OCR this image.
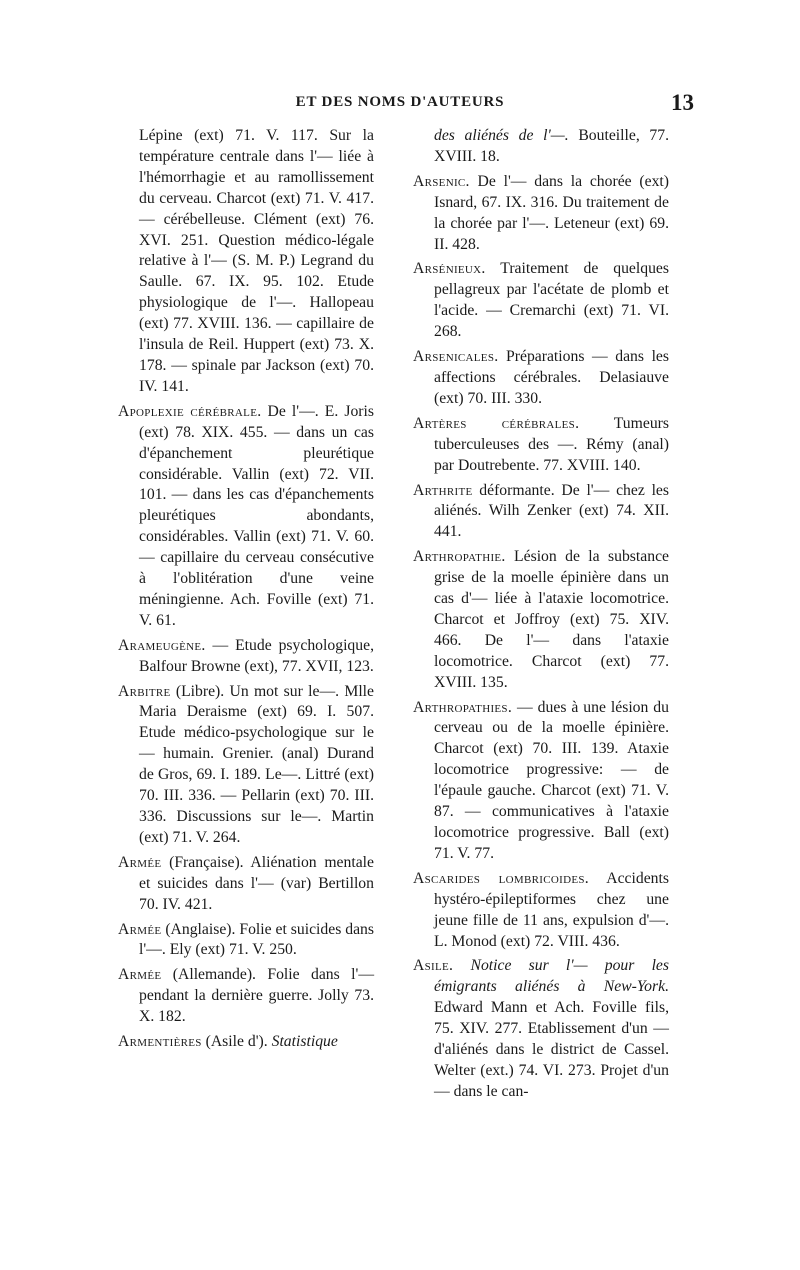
ET DES NOMS D'AUTEURS	13

Lépine (ext) 71. V. 117. Sur la température centrale dans l'— liée à l'hémorrhagie et au ramollissement du cerveau. Charcot (ext) 71. V. 417. — cérébelleuse. Clément (ext) 76. XVI. 251. Question médico-légale relative à l'— (S. M. P.) Legrand du Saulle. 67. IX. 95. 102. Etude physiologique de l'—. Hallopeau (ext) 77. XVIII. 136. — capillaire de l'insula de Reil. Huppert (ext) 73. X. 178. — spinale par Jackson (ext) 70. IV. 141.

Apoplexie cérébrale. De l'—. E. Joris (ext) 78. XIX. 455. — dans un cas d'épanchement pleurétique considérable. Vallin (ext) 72. VII. 101. — dans les cas d'épanchements pleurétiques abondants, considérables. Vallin (ext) 71. V. 60. — capillaire du cerveau consécutive à l'oblitération d'une veine méningienne. Ach. Foville (ext) 71. V. 61.

Arameugène. — Etude psychologique, Balfour Browne (ext), 77. XVII, 123.

Arbitre (Libre). Un mot sur le—. Mlle Maria Deraisme (ext) 69. I. 507. Etude médico-psychologique sur le — humain. Grenier. (anal) Durand de Gros, 69. I. 189. Le—. Littré (ext) 70. III. 336. — Pellarin (ext) 70. III. 336. Discussions sur le—. Martin (ext) 71. V. 264.

Armée (Française). Aliénation mentale et suicides dans l'— (var) Bertillon 70. IV. 421.

Armée (Anglaise). Folie et suicides dans l'—. Ely (ext) 71. V. 250.

Armée (Allemande). Folie dans l'— pendant la dernière guerre. Jolly 73. X. 182.

Armentières (Asile d'). Statistique

des aliénés de l'—. Bouteille, 77. XVIII. 18.

Arsenic. De l'— dans la chorée (ext) Isnard, 67. IX. 316. Du traitement de la chorée par l'—. Leteneur (ext) 69. II. 428.

Arsénieux. Traitement de quelques pellagreux par l'acétate de plomb et l'acide. — Cremarchi (ext) 71. VI. 268.

Arsenicales. Préparations — dans les affections cérébrales. Delasiauve (ext) 70. III. 330.

Artères cérébrales. Tumeurs tuberculeuses des —. Rémy (anal) par Doutrebente. 77. XVIII. 140.

Arthrite déformante. De l'— chez les aliénés. Wilh Zenker (ext) 74. XII. 441.

Arthropathie. Lésion de la substance grise de la moelle épinière dans un cas d'— liée à l'ataxie locomotrice. Charcot et Joffroy (ext) 75. XIV. 466. De l'— dans l'ataxie locomotrice. Charcot (ext) 77. XVIII. 135.

Arthropathies. — dues à une lésion du cerveau ou de la moelle épinière. Charcot (ext) 70. III. 139. Ataxie locomotrice progressive: — de l'épaule gauche. Charcot (ext) 71. V. 87. — communicatives à l'ataxie locomotrice progressive. Ball (ext) 71. V. 77.

Ascarides lombricoides. Accidents hystéro-épileptiformes chez une jeune fille de 11 ans, expulsion d'—. L. Monod (ext) 72. VIII. 436.

Asile. Notice sur l'— pour les émigrants aliénés à New-York. Edward Mann et Ach. Foville fils, 75. XIV. 277. Etablissement d'un — d'aliénés dans le district de Cassel. Welter (ext.) 74. VI. 273. Projet d'un — dans le can-
